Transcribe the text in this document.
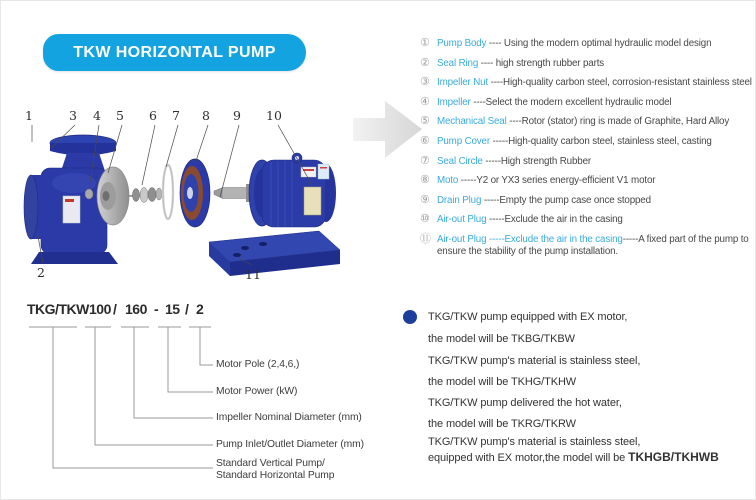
TKW HORIZONTAL PUMP
1	3 4 5 6 7 8 9 10
2	11
① Pump Body ---- Using the modern optimal hydraulic model design
② Seal Ring ---- high strength rubber parts
③ Impeller Nut ----High-quality carbon steel, corrosion-resistant stainless steel
④ Impeller ----Select the modern excellent hydraulic model
⑤ Mechanical Seal ----Rotor (stator) ring is made of Graphite, Hard Alloy
⑥ Pump Cover -----High-quality carbon steel, stainless steel, casting
⑦ Seal Circle -----High strength Rubber
⑧ Moto -----Y2 or YX3 series energy-efficient V1 motor
⑨ Drain Plug -----Empty the pump case once stopped
⑩ Air-out Plug -----Exclude the air in the casing
⑪ Air-out Plug -----Exclude the air in the casing-----A fixed part of the pump to ensure the stability of the pump installation.
TKG/TKW 100 / 160 - 15 / 2
Motor Pole (2,4,6,)
Motor Power (kW)
Impeller Nominal Diameter (mm)
Pump Inlet/Outlet Diameter (mm)
Standard Vertical Pump/
Standard Horizontal Pump
TKG/TKW pump equipped with EX motor,
the model will be TKBG/TKBW
TKG/TKW pump's material is stainless steel,
the model will be TKHG/TKHW
TKG/TKW pump delivered the hot water,
the model will be TKRG/TKRW
TKG/TKW pump's material is stainless steel,
equipped with EX motor,the model will be TKHGB/TKHWB
